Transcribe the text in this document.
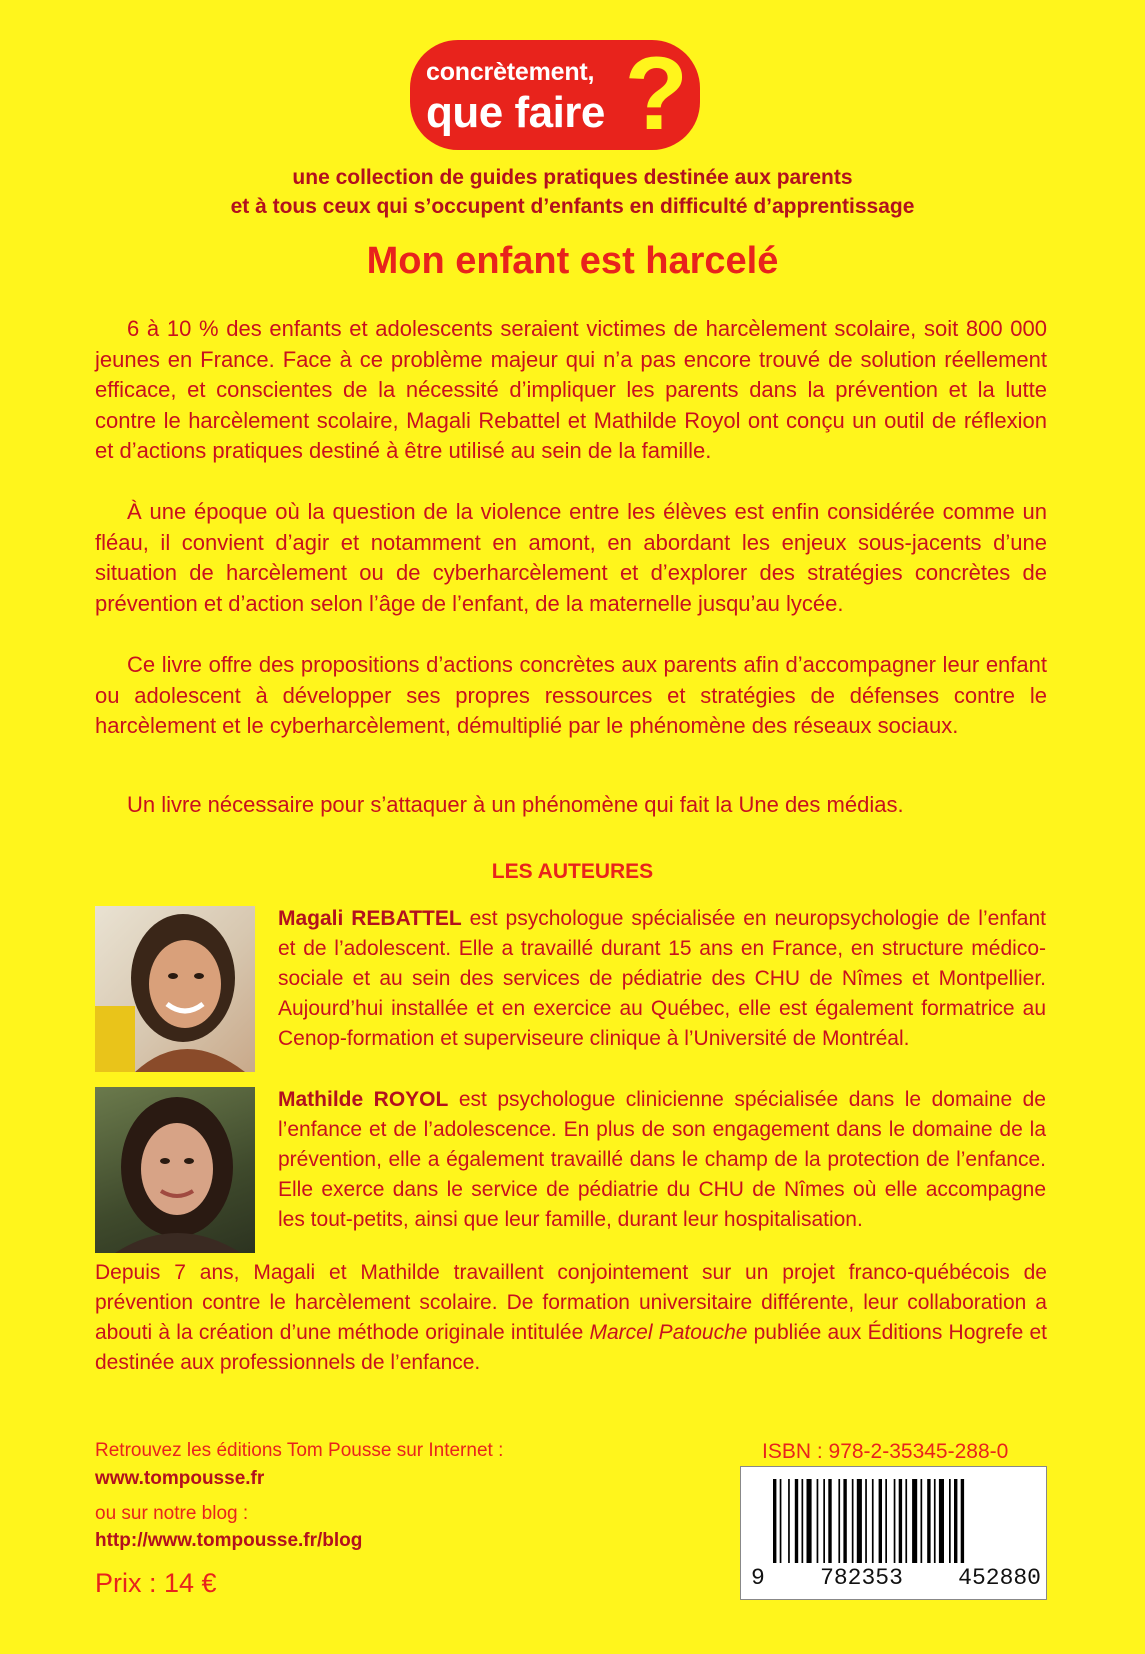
concrètement,
que faire ?
une collection de guides pratiques destinée aux parents
et à tous ceux qui s’occupent d’enfants en difficulté d’apprentissage
Mon enfant est harcelé

6 à 10 % des enfants et adolescents seraient victimes de harcèlement scolaire, soit 800 000 jeunes en France. Face à ce problème majeur qui n’a pas encore trouvé de solution réellement efficace, et conscientes de la nécessité d’impliquer les parents dans la prévention et la lutte contre le harcèlement scolaire, Magali Rebattel et Mathilde Royol ont conçu un outil de réflexion et d’actions pratiques destiné à être utilisé au sein de la famille.

À une époque où la question de la violence entre les élèves est enfin considérée comme un fléau, il convient d’agir et notamment en amont, en abordant les enjeux sous-jacents d’une situation de harcèlement ou de cyberharcèlement et d’explorer des stratégies concrètes de prévention et d’action selon l’âge de l’enfant, de la maternelle jusqu’au lycée.

Ce livre offre des propositions d’actions concrètes aux parents afin d’accompagner leur enfant ou adolescent à développer ses propres ressources et stratégies de défenses contre le harcèlement et le cyberharcèlement, démultiplié par le phénomène des réseaux sociaux.

Un livre nécessaire pour s’attaquer à un phénomène qui fait la Une des médias.

LES AUTEURES

Magali REBATTEL est psychologue spécialisée en neuropsychologie de l’enfant et de l’adolescent. Elle a travaillé durant 15 ans en France, en structure médico-sociale et au sein des services de pédiatrie des CHU de Nîmes et Montpellier. Aujourd’hui installée et en exercice au Québec, elle est également formatrice au Cenop-formation et superviseure clinique à l’Université de Montréal.

Mathilde ROYOL est psychologue clinicienne spécialisée dans le domaine de l’enfance et de l’adolescence. En plus de son engagement dans le domaine de la prévention, elle a également travaillé dans le champ de la protection de l’enfance. Elle exerce dans le service de pédiatrie du CHU de Nîmes où elle accompagne les tout-petits, ainsi que leur famille, durant leur hospitalisation.

Depuis 7 ans, Magali et Mathilde travaillent conjointement sur un projet franco-québécois de prévention contre le harcèlement scolaire. De formation universitaire différente, leur collaboration a abouti à la création d’une méthode originale intitulée Marcel Patouche publiée aux Éditions Hogrefe et destinée aux professionnels de l’enfance.

Retrouvez les éditions Tom Pousse sur Internet :
www.tompousse.fr
ou sur notre blog :
http://www.tompousse.fr/blog
Prix : 14 €
ISBN : 978-2-35345-288-0
9 782353 452880
